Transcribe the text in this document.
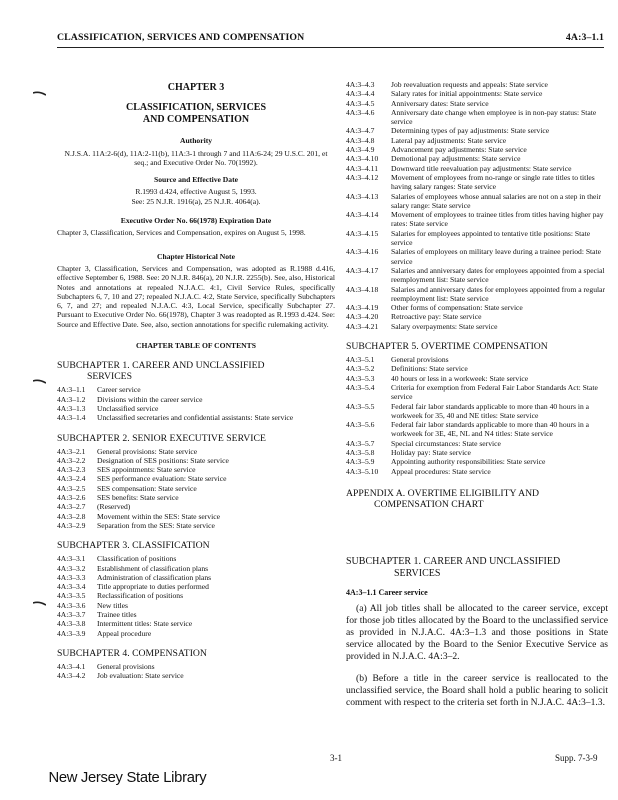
CLASSIFICATION, SERVICES AND COMPENSATION	4A:3–1.1
CHAPTER 3
CLASSIFICATION, SERVICES
AND COMPENSATION
Authority

N.J.S.A. 11A:2-6(d), 11A:2-11(b), 11A:3-1 through 7 and 11A:6-24; 29 U.S.C. 201, et seq.; and Executive Order No. 70(1992).

Source and Effective Date
R.1993 d.424, effective August 5, 1993.
See: 25 N.J.R. 1916(a), 25 N.J.R. 4064(a).
Executive Order No. 66(1978) Expiration Date

Chapter 3, Classification, Services and Compensation, expires on August 5, 1998.

Chapter Historical Note

Chapter 3, Classification, Services and Compensation, was adopted as R.1988 d.416, effective September 6, 1988. See: 20 N.J.R. 846(a), 20 N.J.R. 2255(b). See, also, Historical Notes and annotations at repealed N.J.A.C. 4:1, Civil Service Rules, specifically Subchapters 6, 7, 10 and 27; repealed N.J.A.C. 4:2, State Service, specifically Subchapters 6, 7, and 27; and repealed N.J.A.C. 4:3, Local Service, specifically Subchapter 27. Pursuant to Executive Order No. 66(1978), Chapter 3 was readopted as R.1993 d.424. See: Source and Effective Date. See, also, section annotations for specific rulemaking activity.

CHAPTER TABLE OF CONTENTS
SUBCHAPTER 1. CAREER AND UNCLASSIFIED
SERVICES
4A:3–1.1	Career service
4A:3–1.2	Divisions within the career service
4A:3–1.3	Unclassified service
4A:3–1.4	Unclassified secretaries and confidential assistants: State service
SUBCHAPTER 2. SENIOR EXECUTIVE SERVICE
4A:3–2.1	General provisions: State service
4A:3–2.2	Designation of SES positions: State service
4A:3–2.3	SES appointments: State service
4A:3–2.4	SES performance evaluation: State service
4A:3–2.5	SES compensation: State service
4A:3–2.6	SES benefits: State service
4A:3–2.7	(Reserved)
4A:3–2.8	Movement within the SES: State service
4A:3–2.9	Separation from the SES: State service
SUBCHAPTER 3. CLASSIFICATION
4A:3–3.1	Classification of positions
4A:3–3.2	Establishment of classification plans
4A:3–3.3	Administration of classification plans
4A:3–3.4	Title appropriate to duties performed
4A:3–3.5	Reclassification of positions
4A:3–3.6	New titles
4A:3–3.7	Trainee titles
4A:3–3.8	Intermittent titles: State service
4A:3–3.9	Appeal procedure
SUBCHAPTER 4. COMPENSATION
4A:3–4.1	General provisions
4A:3–4.2	Job evaluation: State service
4A:3–4.3	Job reevaluation requests and appeals: State service
4A:3–4.4	Salary rates for initial appointments: State service
4A:3–4.5	Anniversary dates: State service
4A:3–4.6	Anniversary date change when employee is in non-pay status: State service
4A:3–4.7	Determining types of pay adjustments: State service
4A:3–4.8	Lateral pay adjustments: State service
4A:3–4.9	Advancement pay adjustments: State service
4A:3–4.10	Demotional pay adjustments: State service
4A:3–4.11	Downward title reevaluation pay adjustments: State service
4A:3–4.12	Movement of employees from no-range or single rate titles to titles having salary ranges: State service
4A:3–4.13	Salaries of employees whose annual salaries are not on a step in their salary range: State service
4A:3–4.14	Movement of employees to trainee titles from titles having higher pay rates: State service
4A:3–4.15	Salaries for employees appointed to tentative title positions: State service
4A:3–4.16	Salaries of employees on military leave during a trainee period: State service
4A:3–4.17	Salaries and anniversary dates for employees appointed from a special reemployment list: State service
4A:3–4.18	Salaries and anniversary dates for employees appointed from a regular reemployment list: State service
4A:3–4.19	Other forms of compensation: State service
4A:3–4.20	Retroactive pay: State service
4A:3–4.21	Salary overpayments: State service
SUBCHAPTER 5. OVERTIME COMPENSATION
4A:3–5.1	General provisions
4A:3–5.2	Definitions: State service
4A:3–5.3	40 hours or less in a workweek: State service
4A:3–5.4	Criteria for exemption from Federal Fair Labor Standards Act: State service
4A:3–5.5	Federal fair labor standards applicable to more than 40 hours in a workweek for 35, 40 and NE titles: State service
4A:3–5.6	Federal fair labor standards applicable to more than 40 hours in a workweek for 3E, 4E, NL and N4 titles: State service
4A:3–5.7	Special circumstances: State service
4A:3–5.8	Holiday pay: State service
4A:3–5.9	Appointing authority responsibilities: State service
4A:3–5.10	Appeal procedures: State service
APPENDIX A. OVERTIME ELIGIBILITY AND
COMPENSATION CHART
SUBCHAPTER 1. CAREER AND UNCLASSIFIED
SERVICES
4A:3–1.1 Career service

(a) All job titles shall be allocated to the career service, except for those job titles allocated by the Board to the unclassified service as provided in N.J.A.C. 4A:3–1.3 and those positions in State service allocated by the Board to the Senior Executive Service as provided in N.J.A.C. 4A:3–2.

(b) Before a title in the career service is reallocated to the unclassified service, the Board shall hold a public hearing to solicit comment with respect to the criteria set forth in N.J.A.C. 4A:3–1.3.

3-1	Supp. 7-3-9
New Jersey State Library
